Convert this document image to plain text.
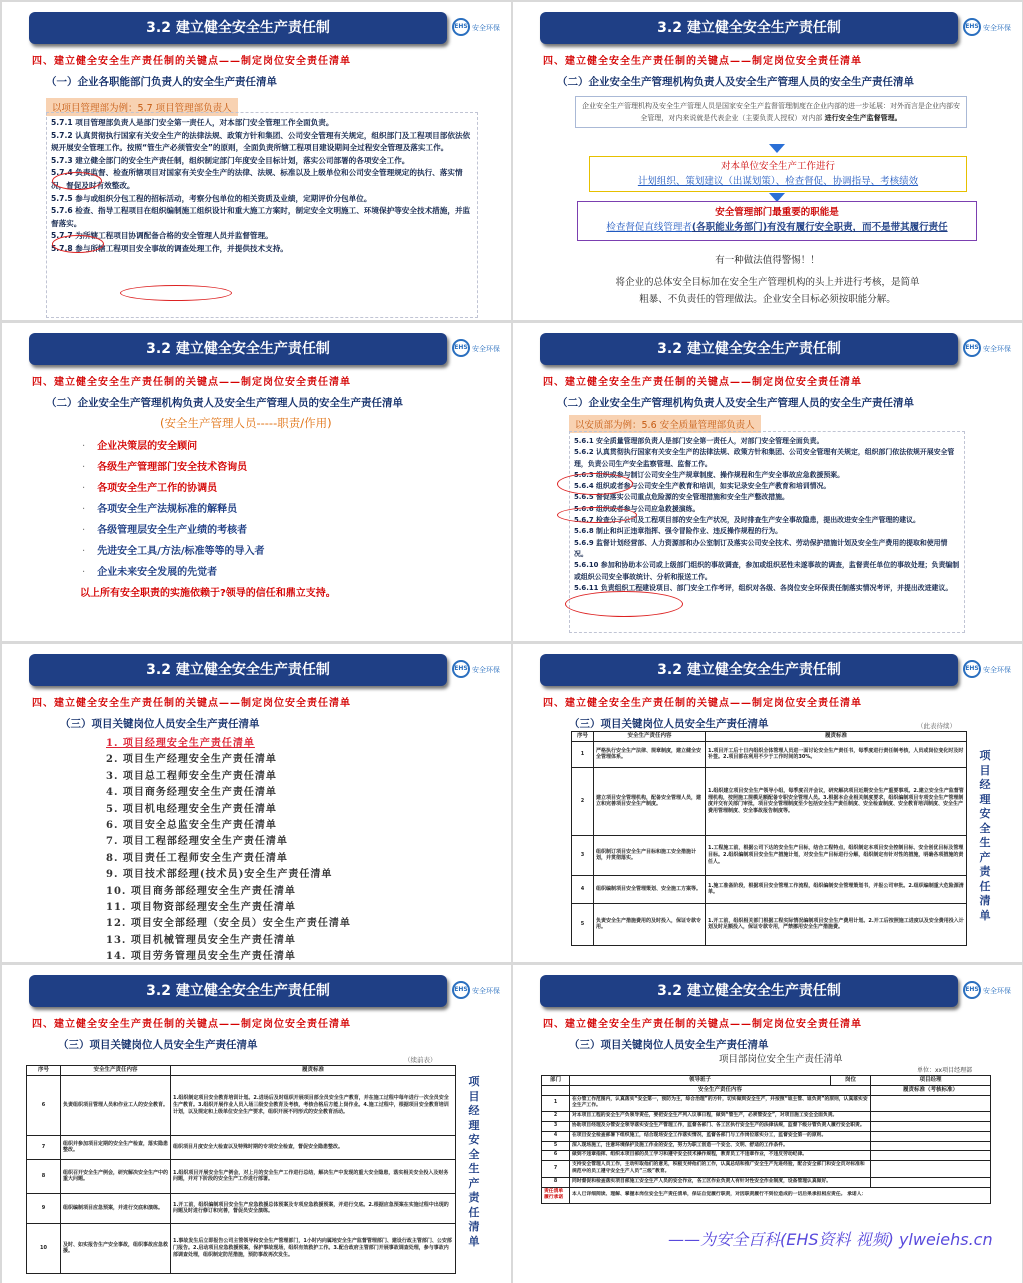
3.2 建立健全安全生产责任制	EHS 安全环保
四、建立健全安全生产责任制的关键点——制定岗位安全责任清单
（一）企业各职能部门负责人的安全生产责任清单
以项目管理部为例：5.7 项目管理部负责人
5.7.1 项目管理部负责人是部门安全第一责任人，对本部门安全管理工作全面负责。
5.7.2 认真贯彻执行国家有关安全生产的法律法规、政策方针和集团、公司安全管理有关规定，组织部门及工程项目部依法依规开展安全管理工作。按照“管生产必须管安全”的原则，全面负责所辖工程项目建设期间全过程安全管理及落实工作。
5.7.3 建立健全部门的安全生产责任制，组织制定部门年度安全目标计划，落实公司部署的各项安全工作。
5.7.4 负责监督、检查所辖项目对国家有关安全生产的法律、法规、标准以及上级单位和公司安全管理规定的执行、落实情况，督促及时有效整改。
5.7.5 参与或组织分包工程的招标活动，考察分包单位的相关资质及业绩，定期评价分包单位。
5.7.6 检查、指导工程项目在组织编制施工组织设计和重大施工方案时，制定安全文明施工、环境保护等安全技术措施，并监督落实。
5.7.7 为所辖工程项目协调配备合格的安全管理人员并监督管理。
5.7.8 参与所辖工程项目安全事故的调查处理工作，并提供技术支持。
3.2 建立健全安全生产责任制	EHS 安全环保
四、建立健全安全生产责任制的关键点——制定岗位安全责任清单
（二）企业安全生产管理机构负责人及安全生产管理人员的安全生产责任清单
企业安全生产管理机构及安全生产管理人员是国家安全生产监督管理制度在企业内部的进一步延展：对外而言是企业内部安全管理，对内来说就是代表企业（主要负责人授权）对内部 进行安全生产监督管理。
对本单位安全生产工作进行
计划组织、策划建议（出谋划策）、检查督促、协调指导、考核绩效
安全管理部门最重要的职能是
检查督促直线管理者(各职能业务部门)有没有履行安全职责，而不是带其履行责任
有一种做法值得警惕！！
将企业的总体安全目标加在安全生产管理机构的头上并进行考核，是简单
粗暴、不负责任的管理做法。企业安全目标必须按职能分解。
3.2 建立健全安全生产责任制	EHS 安全环保
四、建立健全安全生产责任制的关键点——制定岗位安全责任清单
（二）企业安全生产管理机构负责人及安全生产管理人员的安全生产责任清单
(安全生产管理人员-----职责/作用)
· 企业决策层的安全顾问
· 各级生产管理部门安全技术咨询员
· 各项安全生产工作的协调员
· 各项安全生产法规标准的解释员
· 各级管理层安全生产业绩的考核者
· 先进安全工具/方法/标准等等的导入者
· 企业未来安全发展的先觉者
以上所有安全职责的实施依赖于?领导的信任和鼎立支持。
3.2 建立健全安全生产责任制	EHS 安全环保
四、建立健全安全生产责任制的关键点——制定岗位安全责任清单
（二）企业安全生产管理机构负责人及安全生产管理人员的安全生产责任清单
以安质部为例：5.6 安全质量管理部负责人
5.6.1 安全质量管理部负责人是部门安全第一责任人，对部门安全管理全面负责。
5.6.2 认真贯彻执行国家有关安全生产的法律法规、政策方针和集团、公司安全管理有关规定，组织部门依法依规开展安全管理，负责公司生产安全监察管理、监督工作。
5.6.3 组织或参与制订公司安全生产规章制度、操作规程和生产安全事故应急救援预案。
5.6.4 组织或者参与公司安全生产教育和培训，如实记录安全生产教育和培训情况。
5.6.5 督促落实公司重点危险源的安全管理措施和安全生产整改措施。
5.6.6 组织或者参与公司应急救援演练。
5.6.7 检查分子公司及工程项目部的安全生产状况，及时排查生产安全事故隐患，提出改进安全生产管理的建议。
5.6.8 制止和纠正违章指挥、强令冒险作业、违反操作规程的行为。
5.6.9 监督计划经营部、人力资源部和办公室制订及落实公司安全技术、劳动保护措施计划及安全生产费用的提取和使用情况。
5.6.10 参加和协助本公司或上级部门组织的事故调查，参加或组织恶性未遂事故的调查，监督责任单位的事故处理；负责编制或组织公司安全事故统计、分析和报送工作。
5.6.11 负责组织工程建设项目、部门安全工作考评，组织对各级、各岗位安全环保责任制落实情况考评，并提出改进建议。
3.2 建立健全安全生产责任制	EHS 安全环保
四、建立健全安全生产责任制的关键点——制定岗位安全责任清单
（三）项目关键岗位人员安全生产责任清单
1. 项目经理安全生产责任清单
2. 项目生产经理安全生产责任清单
3. 项目总工程师安全生产责任清单
4. 项目商务经理安全生产责任清单
5. 项目机电经理安全生产责任清单
6. 项目安全总监安全生产责任清单
7. 项目工程部经理安全生产责任清单
8. 项目责任工程师安全生产责任清单
9. 项目技术部经理(技术员)安全生产责任清单
10. 项目商务部经理安全生产责任清单
11. 项目物资部经理安全生产责任清单
12. 项目安全部经理（安全员）安全生产责任清单
13. 项目机械管理员安全生产责任清单
14. 项目劳务管理员安全生产责任清单
3.2 建立健全安全生产责任制	EHS 安全环保
四、建立健全安全生产责任制的关键点——制定岗位安全责任清单
（三）项目关键岗位人员安全生产责任清单	（此表待续）
序号	安全生产责任内容	履责标准
1	严格执行安全生产法律、规章制度，建立健全安全管理体系。	1.项目开工后十日内组织全体管理人员进一面讨论安全生产责任书，每季度进行责任制考核，人员或岗位变化时及时补签。2.项目部在利用不少于工作时间的30%。
2	建立项目安全管理机构，配备安全管理人员，建立和完善项目安全生产制度。	1.组织建立项目安全生产领导小组，每季度召开会议，研究解决项目近期安全生产重要事项。2.建立安全生产监督管理机构，按照施工规模足额配备专职安全管理人员。3.根据本企业相关制度要求，组织编制项目专项安全生产管理制度并交有关部门审批，项目安全管理制度至少包括安全生产责任制度、安全检查制度、安全教育培训制度、安全生产费用管理制度、安全事故报告制度等。
3	组织制订项目安全生产目标和施工安全措施计划，并贯彻落实。	1.工程施工前，根据公司下达的安全生产目标，结合工程特点，组织制定本项目安全控制目标、安全创优目标及管理目标。2.组织编制项目安全生产措施计划，对安全生产目标进行分解，组织制定有针对性的措施，明确各项措施的责任人。
4	组织编制项目安全管理策划、安全施工方案等。	1.施工准备阶段，根据项目安全管理工作流程，组织编制安全管理策划书，并报公司审批。2.组织编制重大危险源清单。
5	负责安全生产措施费用的及时投入，保证专款专用。	1.开工前，组织相关部门根据工程实际情况编制项目安全生产费用计划。2.开工后按照施工进度以及安全费用投入计划及时足额投入，保证专款专用，严禁挪用安全生产措施费。
项目经理安全生产责任清单
3.2 建立健全安全生产责任制	EHS 安全环保
四、建立健全安全生产责任制的关键点——制定岗位安全责任清单
（三）项目关键岗位人员安全生产责任清单
（续前表）
序号	安全生产责任内容	履责标准
6	负责组织项目管理人员和作业工人的安全教育。	1.组织制定项目安全教育培训计划。2.进场后及时组织开展项目部全员安全生产教育，并在施工过程中每年进行一次全员安全生产教育。3.组织开展作业人员入场三级安全教育及考核，考核合格后方能上岗作业。4.施工过程中，根据项目安全教育培训计划，以及规定和上级单位安全生产要求，组织开展不同形式的安全教育活动。
7	组织并参加项目定期的安全生产检查，落实隐患整改。	组织项目月度安全大检查以及特殊时期的专项安全检查，督促安全隐患整改。
8	组织召开安全生产例会，研究解决安全生产中的重大问题。	1.组织项目开展安全生产例会，对上月的安全生产工作进行总结，解决生产中发现的重大安全隐患，落实相关安全投入及财务问题，并对下阶段的安全生产工作进行部署。
9	组织编制项目应急预案，并进行交底和演练。	1.开工前，组织编制项目安全生产应急救援总体预案及专项应急救援预案，并进行交底。2.根据应急预案在实施过程中出现的问题及时进行修订和完善，督促员安全演练。
10	及时、如实报告生产安全事故，组织事故应急救援。	1.事故发生后立即报告公司主管领导和安全生产管理部门，1小时内向属地安全生产监督管理部门、建设行政主管部门、公安部门报告。2.启动项目应急救援预案，保护事故现场，组织有效救护工作。3.配合政府主管部门开展事故调查处理，参与事故内部调查处理，组织制定防范措施，预防事故再次发生。
项目经理安全生产责任清单
3.2 建立健全安全生产责任制	EHS 安全环保
四、建立健全安全生产责任制的关键点——制定岗位安全责任清单
（三）项目关键岗位人员安全生产责任清单
项目部岗位安全生产责任清单
单位：xx项目经理部
部门	领导班子	岗位	项目经理
	安全生产责任内容		履责标准（考核标准）
1	在分管工作范围内，认真落实“安全第一，预防为主，综合治理”的方针，切实做到安全生产，并按照“谁主管、谁负责”的原则，认真落实安全生产工作。		
2	对本项目工程的安全生产负领导责任，要把安全生产列入议事日程，做到“管生产，必须管安全”，对项目施工安全全面负责。		
3	协助项目经理及分管安全领导落实安全生产管理工作，监督各部门、各工区执行安全生产的法律法规，监督下级分管负责人履行安全职责。		
4	在项目安全检查部署下组织施工，结合现场安全工作落实情况，监督各部门与工作岗位落实分工，监督安全第一的原则。		
5	深入现场施工，注意环境保护及施工作业的安全，努力为职工创造一个安全、文明、舒适的工作条件。		
6	做到不违章指挥、组织本项目部的员工学习和遵守安全技术操作规程，教育员工不违章作业，不违反劳动纪律。		
7	支持安全管理人员工作，主动听取他们的意见，积极支持他们的工作，认真总结和推广安全生产先进经验，配合安全部门和安全员对标准和规范中的员工遵守安全生产人员“三级”教育。		
8	同时督促和检查落实项目部施工安全生产人员的安全作业，各工区作业负责人有针对性安全作业制度，设备管理认真做好。		
责任清单履行承诺	本人已详细阅读、理解、掌握本岗位安全生产责任清单，保证自觉履行职责，对因职责履行不到位造成的一切后果承担相应责任。 承诺人：		
——为安全百科(EHS资料 视频) ylweiehs.cn
